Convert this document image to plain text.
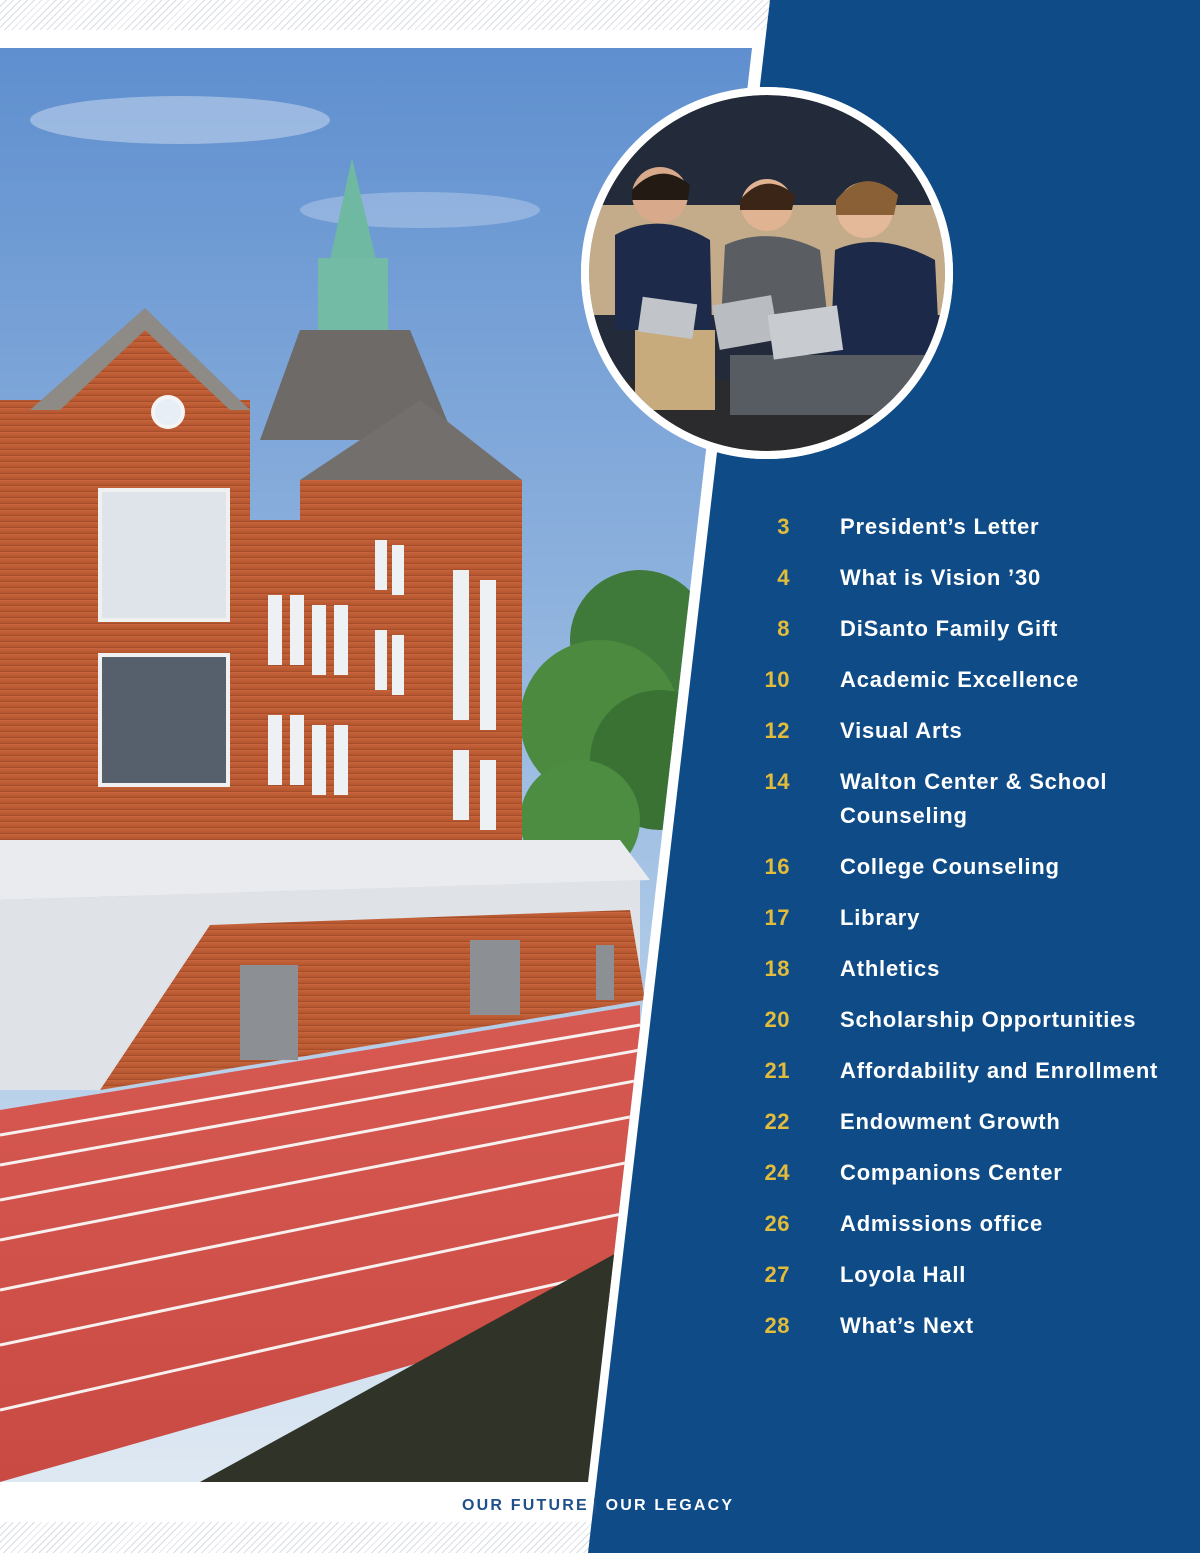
3 President’s Letter
4 What is Vision ’30
8 DiSanto Family Gift
10 Academic Excellence
12 Visual Arts
14 Walton Center & School Counseling
16 College Counseling
17 Library
18 Athletics
20 Scholarship Opportunities
21 Affordability and Enrollment
22 Endowment Growth
24 Companions Center
26 Admissions office
27 Loyola Hall
28 What’s Next
OUR FUTURE | OUR LEGACY
